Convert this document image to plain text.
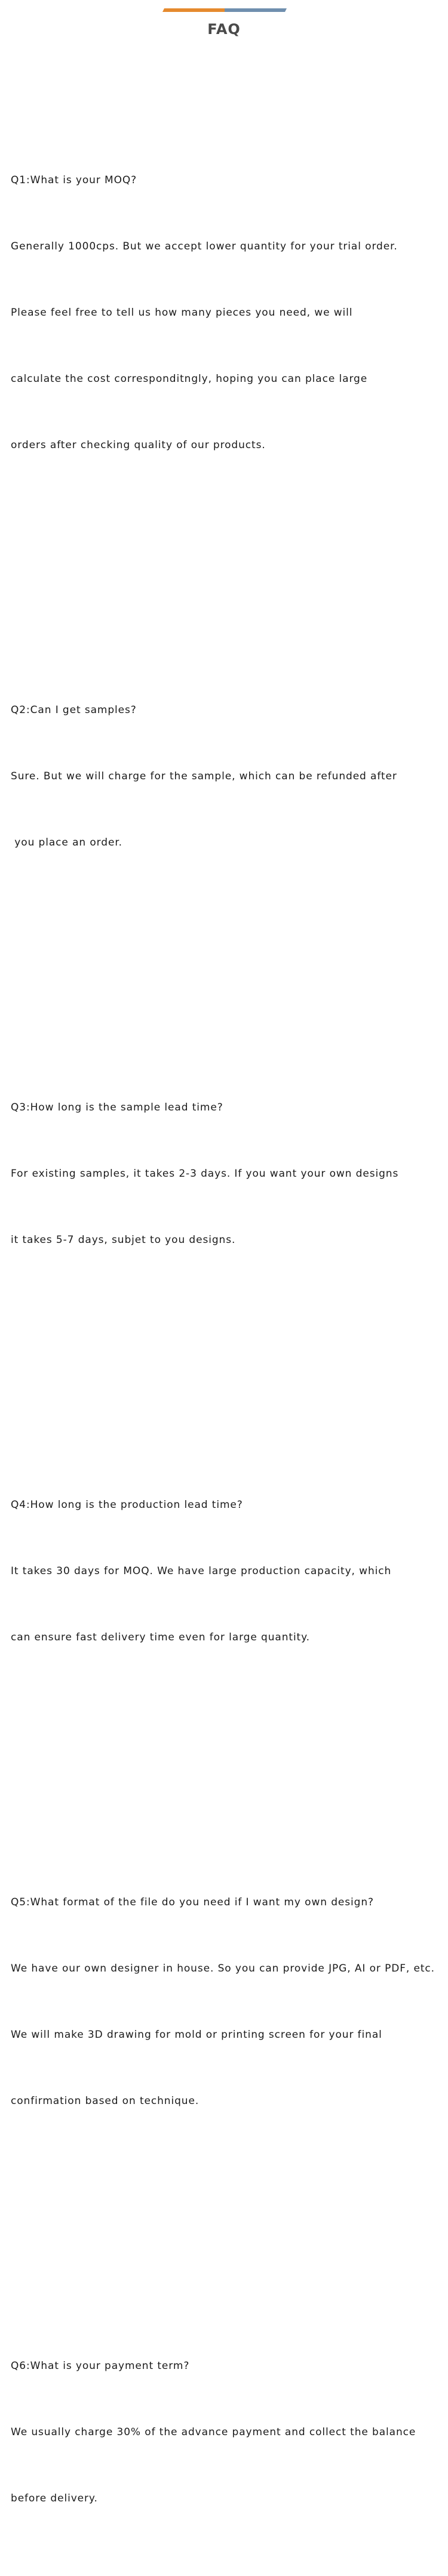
FAQ

Q1:What is your MOQ?

Generally 1000cps. But we accept lower quantity for your trial order.

Please feel free to tell us how many pieces you need, we will

calculate the cost corresponditngly, hoping you can place large

orders after checking quality of our products.

Q2:Can I get samples?

Sure. But we will charge for the sample, which can be refunded after

you place an order.

Q3:How long is the sample lead time?

For existing samples, it takes 2-3 days. If you want your own designs

it takes 5-7 days, subjet to you designs.

Q4:How long is the production lead time?

It takes 30 days for MOQ. We have large production capacity, which

can ensure fast delivery time even for large quantity.

Q5:What format of the file do you need if I want my own design?

We have our own designer in house. So you can provide JPG, AI or PDF, etc.

We will make 3D drawing for mold or printing screen for your final

confirmation based on technique.

Q6:What is your payment term?

We usually charge 30% of the advance payment and collect the balance

before delivery.
